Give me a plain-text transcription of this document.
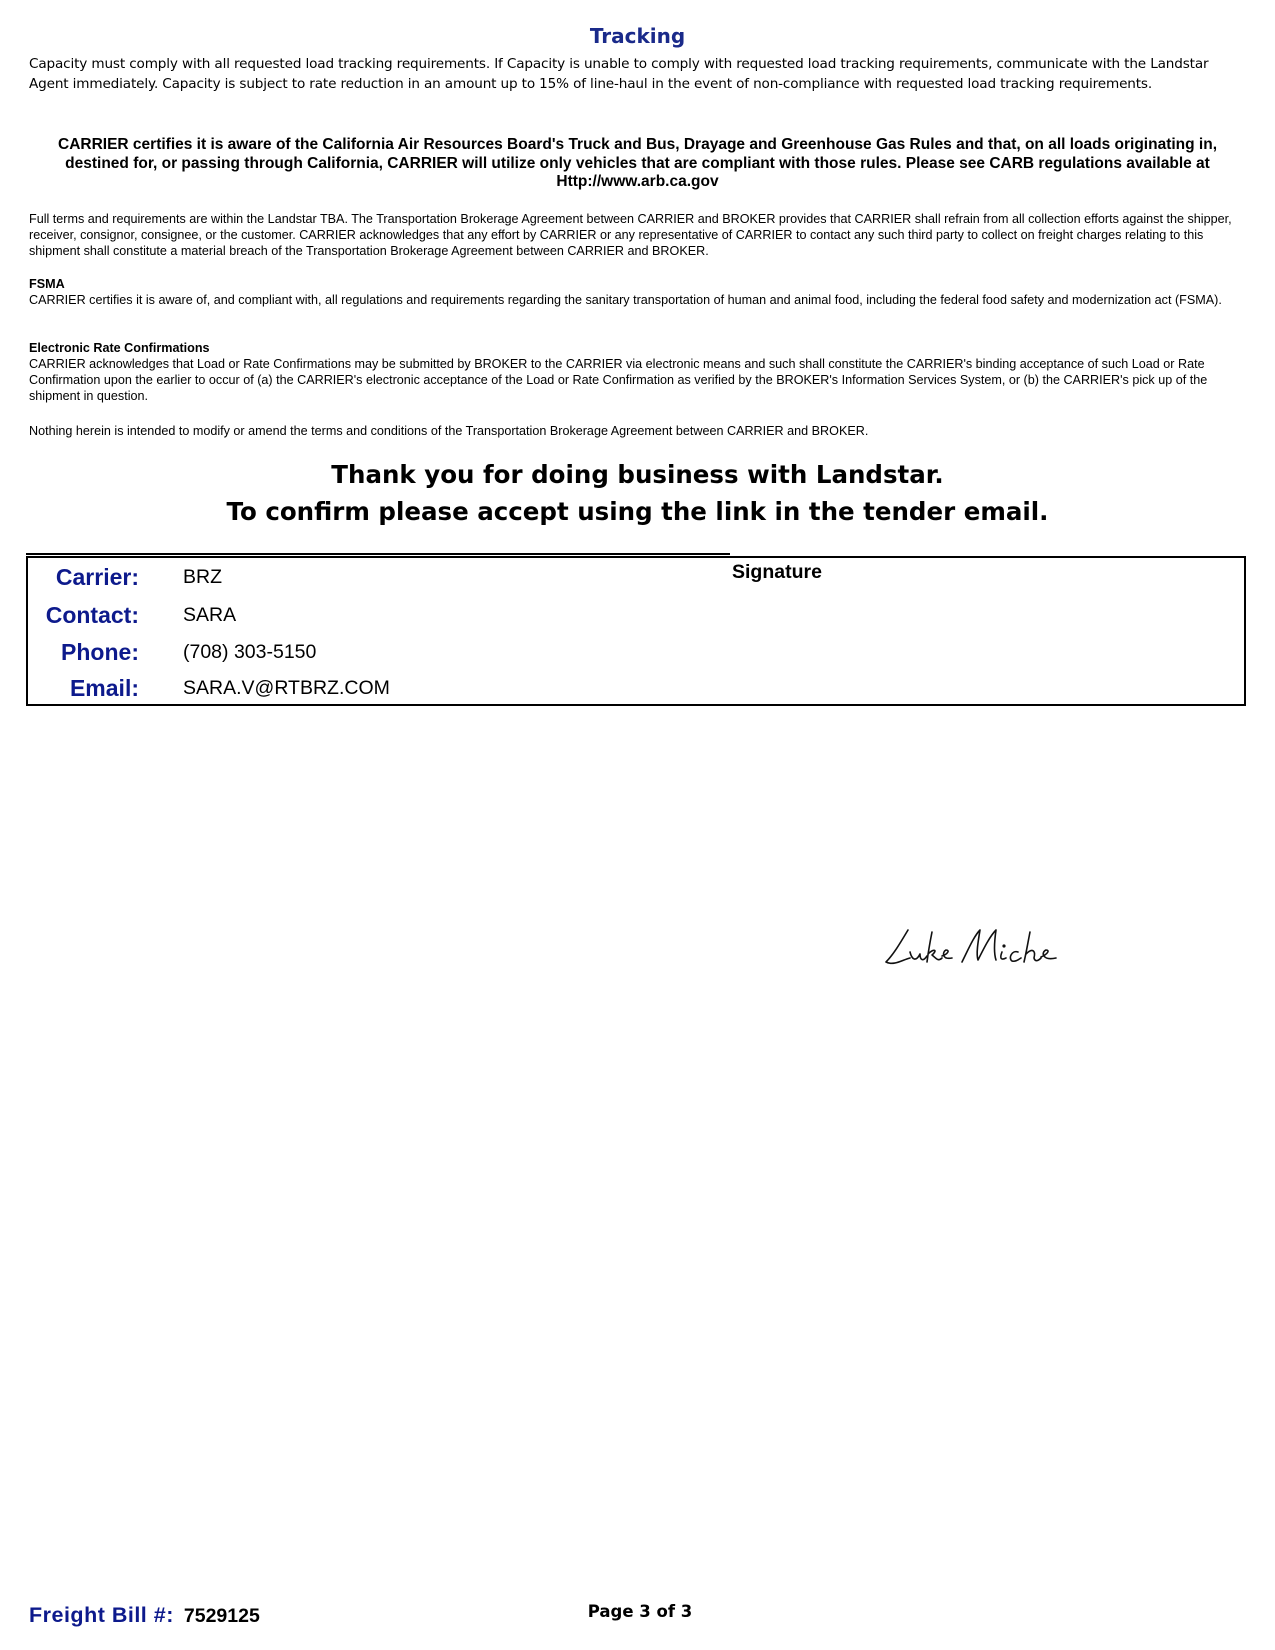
Tracking
Capacity must comply with all requested load tracking requirements. If Capacity is unable to comply with requested load tracking requirements, communicate with the Landstar Agent immediately. Capacity is subject to rate reduction in an amount up to 15% of line-haul in the event of non-compliance with requested load tracking requirements.
CARRIER certifies it is aware of the California Air Resources Board's Truck and Bus, Drayage and Greenhouse Gas Rules and that, on all loads originating in, destined for, or passing through California, CARRIER will utilize only vehicles that are compliant with those rules. Please see CARB regulations available at Http://www.arb.ca.gov
Full terms and requirements are within the Landstar TBA. The Transportation Brokerage Agreement between CARRIER and BROKER provides that CARRIER shall refrain from all collection efforts against the shipper, receiver, consignor, consignee, or the customer. CARRIER acknowledges that any effort by CARRIER or any representative of CARRIER to contact any such third party to collect on freight charges relating to this shipment shall constitute a material breach of the Transportation Brokerage Agreement between CARRIER and BROKER.
FSMA
CARRIER certifies it is aware of, and compliant with, all regulations and requirements regarding the sanitary transportation of human and animal food, including the federal food safety and modernization act (FSMA).
Electronic Rate Confirmations
CARRIER acknowledges that Load or Rate Confirmations may be submitted by BROKER to the CARRIER via electronic means and such shall constitute the CARRIER's binding acceptance of such Load or Rate Confirmation upon the earlier to occur of (a) the CARRIER's electronic acceptance of the Load or Rate Confirmation as verified by the BROKER's Information Services System, or (b) the CARRIER's pick up of the shipment in question.
Nothing herein is intended to modify or amend the terms and conditions of the Transportation Brokerage Agreement between CARRIER and BROKER.
Thank you for doing business with Landstar.
To confirm please accept using the link in the tender email.
Carrier: BRZ
Contact: SARA
Phone: (708) 303-5150
Email: SARA.V@RTBRZ.COM
Signature
Freight Bill #: 7529125	Page 3 of 3
